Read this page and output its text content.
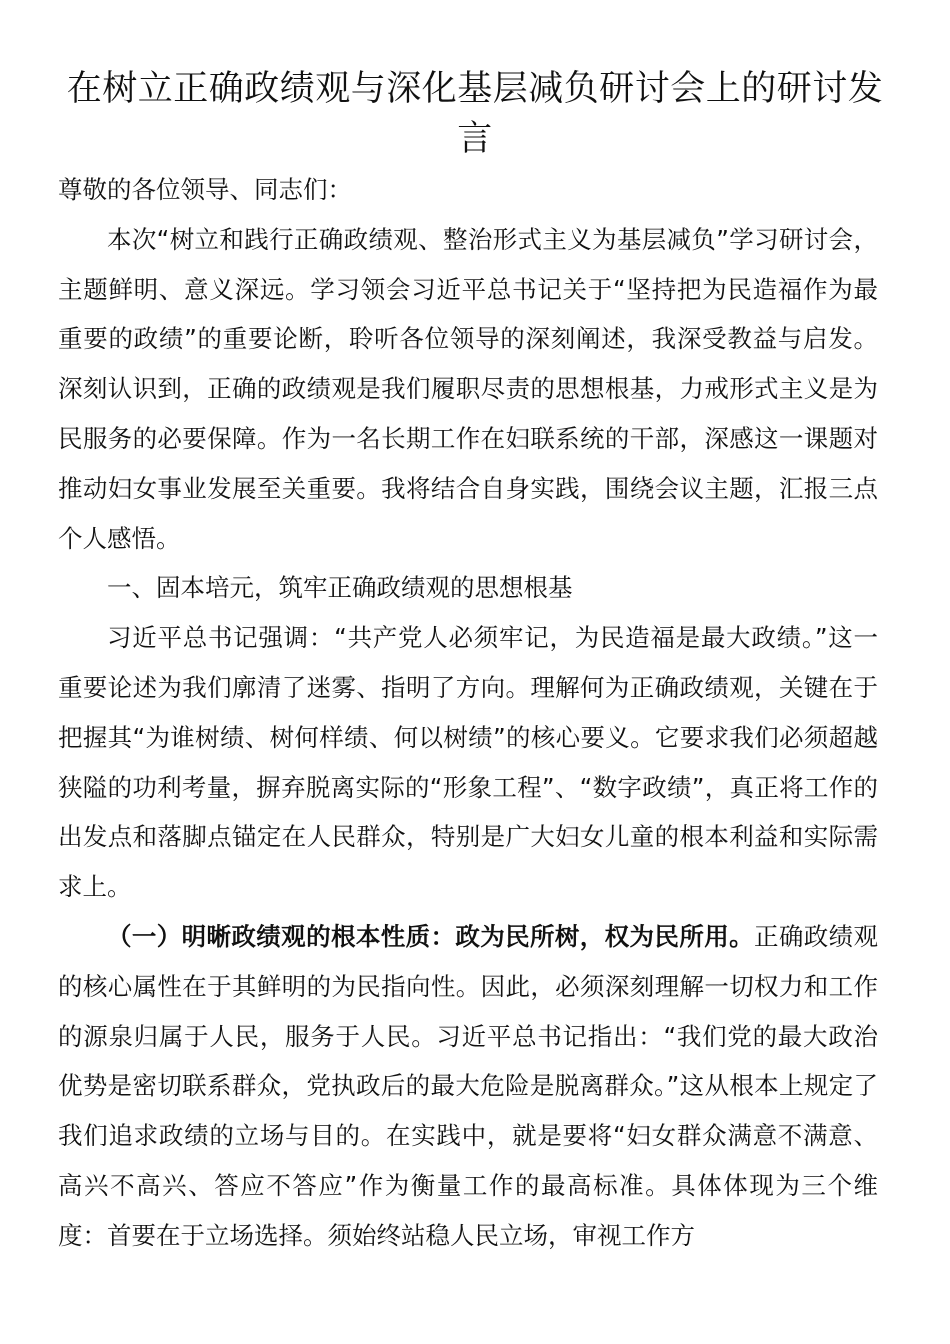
在树立正确政绩观与深化基层减负研讨会上的研讨发言

尊敬的各位领导、同志们：

本次“树立和践行正确政绩观、整治形式主义为基层减负”学习研讨会，主题鲜明、意义深远。学习领会习近平总书记关于“坚持把为民造福作为最重要的政绩”的重要论断，聆听各位领导的深刻阐述，我深受教益与启发。深刻认识到，正确的政绩观是我们履职尽责的思想根基，力戒形式主义是为民服务的必要保障。作为一名长期工作在妇联系统的干部，深感这一课题对推动妇女事业发展至关重要。我将结合自身实践，围绕会议主题，汇报三点个人感悟。

一、固本培元，筑牢正确政绩观的思想根基

习近平总书记强调：“共产党人必须牢记，为民造福是最大政绩。”这一重要论述为我们廓清了迷雾、指明了方向。理解何为正确政绩观，关键在于把握其“为谁树绩、树何样绩、何以树绩”的核心要义。它要求我们必须超越狭隘的功利考量，摒弃脱离实际的“形象工程”、“数字政绩”，真正将工作的出发点和落脚点锚定在人民群众，特别是广大妇女儿童的根本利益和实际需求上。

（一）明晰政绩观的根本性质：政为民所树，权为民所用。正确政绩观的核心属性在于其鲜明的为民指向性。因此，必须深刻理解一切权力和工作的源泉归属于人民，服务于人民。习近平总书记指出：“我们党的最大政治优势是密切联系群众，党执政后的最大危险是脱离群众。”这从根本上规定了我们追求政绩的立场与目的。在实践中，就是要将“妇女群众满意不满意、高兴不高兴、答应不答应”作为衡量工作的最高标准。具体体现为三个维度：首要在于立场选择。须始终站稳人民立场，审视工作方
